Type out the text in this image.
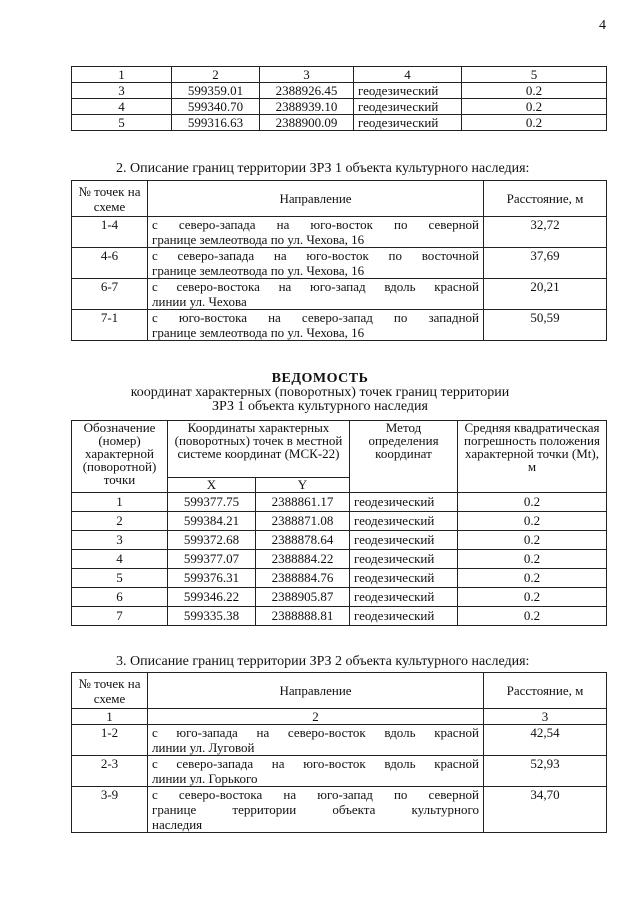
4
1	2	3	4	5
3	599359.01	2388926.45	геодезический	0.2
4	599340.70	2388939.10	геодезический	0.2
5	599316.63	2388900.09	геодезический	0.2
2. Описание границ территории ЗРЗ 1 объекта культурного наследия:
№ точек на схеме	Направление	Расстояние, м
1-4	с северо-запада на юго-восток по северной
границе землеотвода по ул. Чехова, 16	32,72
4-6	с северо-запада на юго-восток по восточной
границе землеотвода по ул. Чехова, 16	37,69
6-7	с северо-востока на юго-запад вдоль красной
линии ул. Чехова	20,21
7-1	с юго-востока на северо-запад по западной
границе землеотвода по ул. Чехова, 16	50,59
ВЕДОМОСТЬ
координат характерных (поворотных) точек границ территории
ЗРЗ 1 объекта культурного наследия
Обозначение (номер) характерной (поворотной) точки	Координаты характерных (поворотных) точек в местной системе координат (МСК-22)		Метод определения координат	Средняя квадратическая погрешность положения характерной точки (Mt), м
	X	Y		
1	599377.75	2388861.17	геодезический	0.2
2	599384.21	2388871.08	геодезический	0.2
3	599372.68	2388878.64	геодезический	0.2
4	599377.07	2388884.22	геодезический	0.2
5	599376.31	2388884.76	геодезический	0.2
6	599346.22	2388905.87	геодезический	0.2
7	599335.38	2388888.81	геодезический	0.2
3. Описание границ территории ЗРЗ 2 объекта культурного наследия:
№ точек на схеме	Направление	Расстояние, м
1	2	3
1-2	с юго-запада на северо-восток вдоль красной
линии ул. Луговой	42,54
2-3	с северо-запада на юго-восток вдоль красной
линии ул. Горького	52,93
3-9	с северо-востока на юго-запад по северной
границе территории объекта культурного
наследия	34,70
